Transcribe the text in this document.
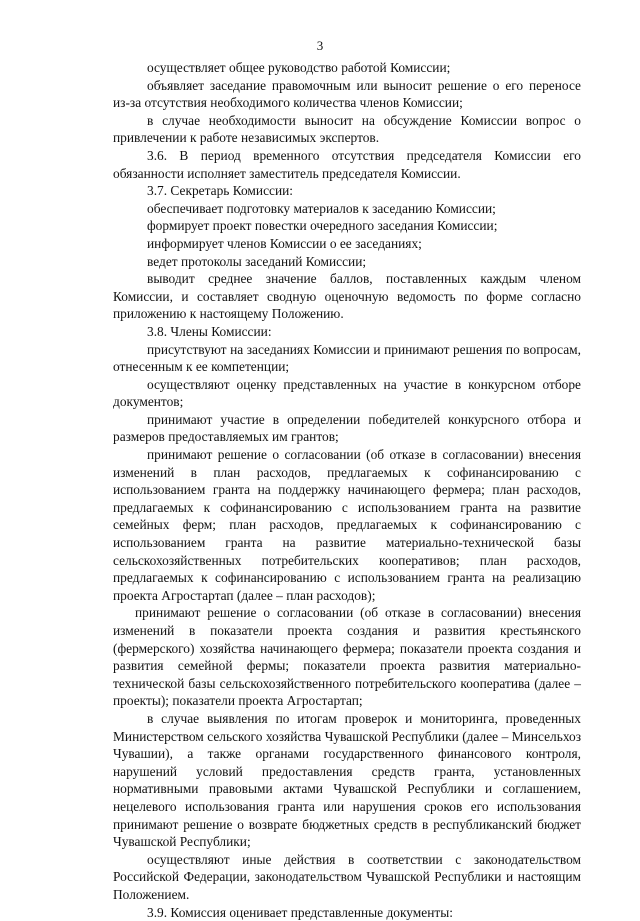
3

осуществляет общее руководство работой Комиссии;

объявляет заседание правомочным или выносит решение о его переносе из-за отсутствия необходимого количества членов Комиссии;

в случае необходимости выносит на обсуждение Комиссии вопрос о привлечении к работе независимых экспертов.

3.6. В период временного отсутствия председателя Комиссии его обязанности исполняет заместитель председателя Комиссии.

3.7. Секретарь Комиссии:

обеспечивает подготовку материалов к заседанию Комиссии;

формирует проект повестки очередного заседания Комиссии;

информирует членов Комиссии о ее заседаниях;

ведет протоколы заседаний Комиссии;

выводит среднее значение баллов, поставленных каждым членом Комиссии, и составляет сводную оценочную ведомость по форме согласно приложению к настоящему Положению.

3.8. Члены Комиссии:

присутствуют на заседаниях Комиссии и принимают решения по вопросам, отнесенным к ее компетенции;

осуществляют оценку представленных на участие в конкурсном отборе документов;

принимают участие в определении победителей конкурсного отбора и размеров предоставляемых им грантов;

принимают решение о согласовании (об отказе в согласовании) внесения изменений в план расходов, предлагаемых к софинансированию с использованием гранта на поддержку начинающего фермера; план расходов, предлагаемых к софинансированию с использованием гранта на развитие семейных ферм; план расходов, предлагаемых к софинансированию с использованием гранта на развитие материально-технической базы сельскохозяйственных потребительских кооперативов; план расходов, предлагаемых к софинансированию с использованием гранта на реализацию проекта Агростартап (далее – план расходов);

принимают решение о согласовании (об отказе в согласовании) внесения изменений в показатели проекта создания и развития крестьянского (фермерского) хозяйства начинающего фермера; показатели проекта создания и развития семейной фермы; показатели проекта развития материально-технической базы сельскохозяйственного потребительского кооператива (далее – проекты); показатели проекта Агростартап;

в случае выявления по итогам проверок и мониторинга, проведенных Министерством сельского хозяйства Чувашской Республики (далее – Минсельхоз Чувашии), а также органами государственного финансового контроля, нарушений условий предоставления средств гранта, установленных нормативными правовыми актами Чувашской Республики и соглашением, нецелевого использования гранта или нарушения сроков его использования принимают решение о возврате бюджетных средств в республиканский бюджет Чувашской Республики;

осуществляют иные действия в соответствии с законодательством Российской Федерации, законодательством Чувашской Республики и настоящим Положением.

3.9. Комиссия оценивает представленные документы:
